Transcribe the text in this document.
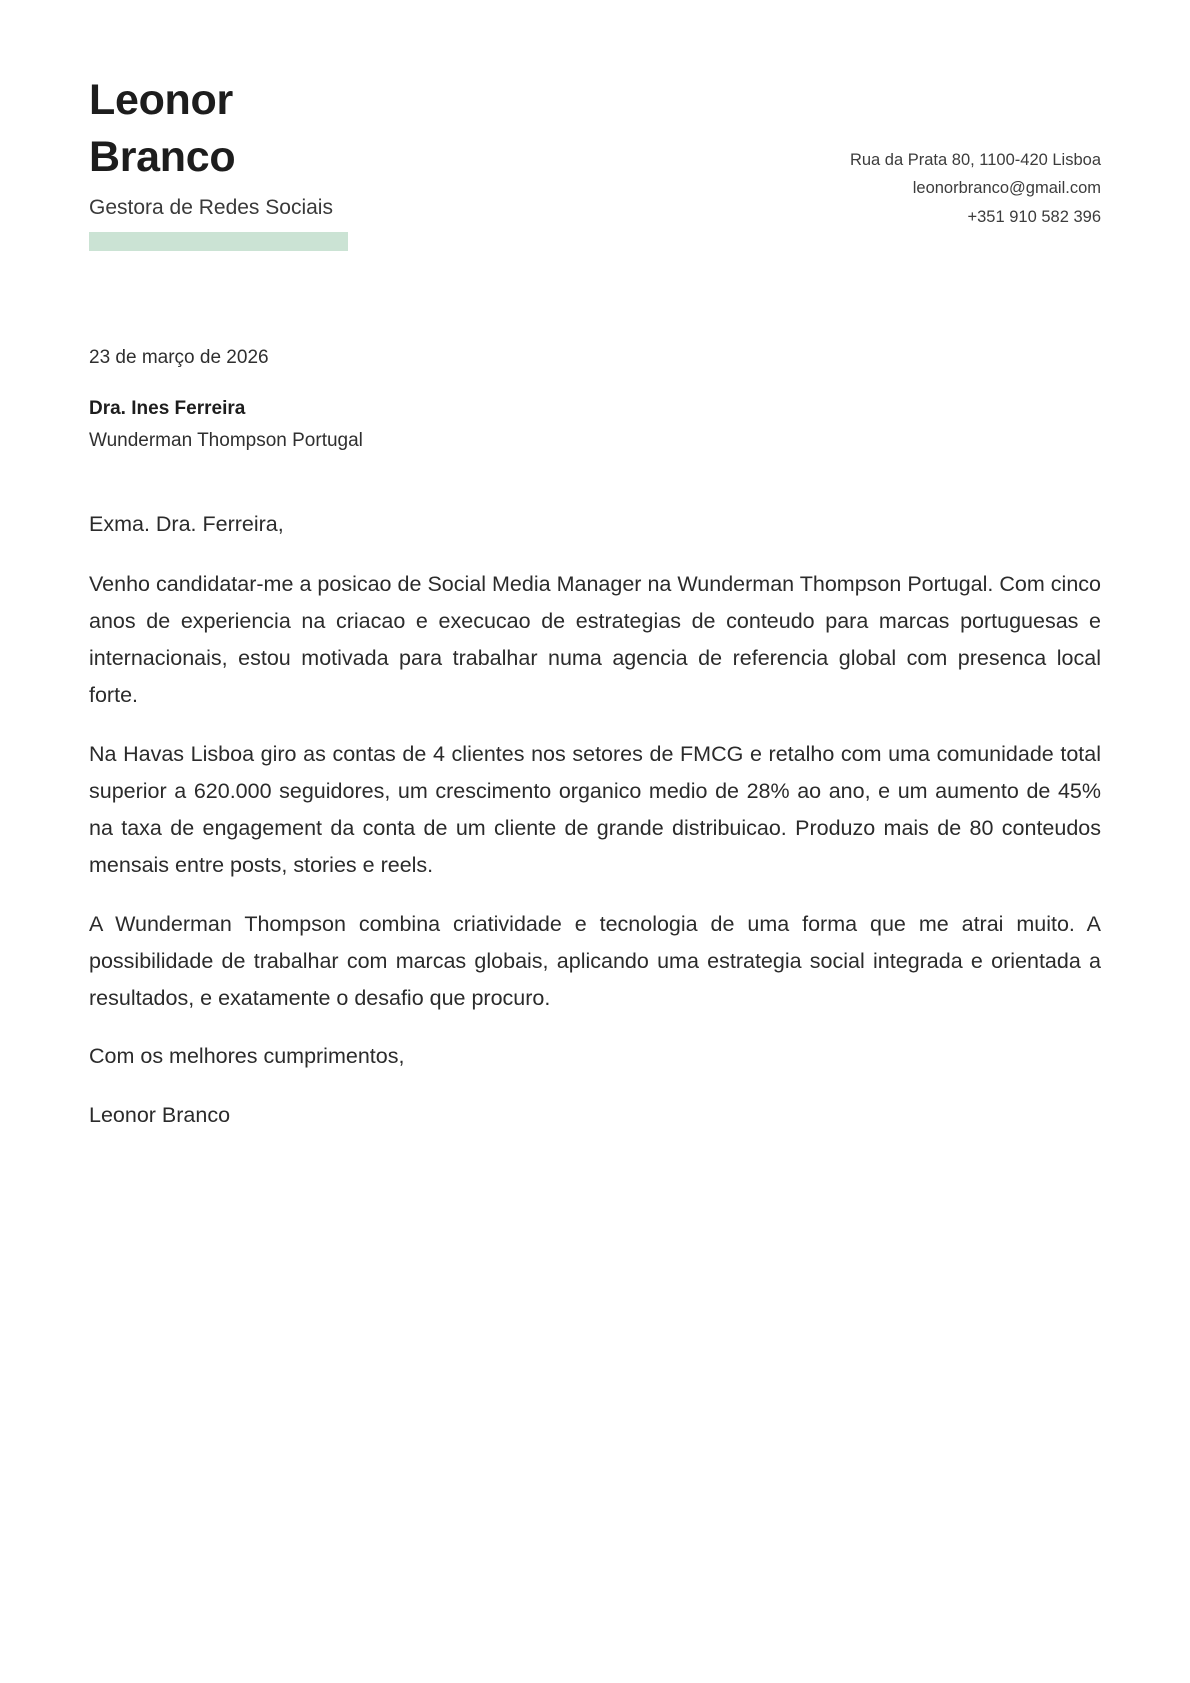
Leonor
Branco
Gestora de Redes Sociais
Rua da Prata 80, 1100-420 Lisboa
leonorbranco@gmail.com
+351 910 582 396
23 de março de 2026
Dra. Ines Ferreira
Wunderman Thompson Portugal
Exma. Dra. Ferreira,

Venho candidatar-me a posicao de Social Media Manager na Wunderman Thompson Portugal. Com cinco anos de experiencia na criacao e execucao de estrategias de conteudo para marcas portuguesas e internacionais, estou motivada para trabalhar numa agencia de referencia global com presenca local forte.

Na Havas Lisboa giro as contas de 4 clientes nos setores de FMCG e retalho com uma comunidade total superior a 620.000 seguidores, um crescimento organico medio de 28% ao ano, e um aumento de 45% na taxa de engagement da conta de um cliente de grande distribuicao. Produzo mais de 80 conteudos mensais entre posts, stories e reels.

A Wunderman Thompson combina criatividade e tecnologia de uma forma que me atrai muito. A possibilidade de trabalhar com marcas globais, aplicando uma estrategia social integrada e orientada a resultados, e exatamente o desafio que procuro.

Com os melhores cumprimentos,

Leonor Branco
